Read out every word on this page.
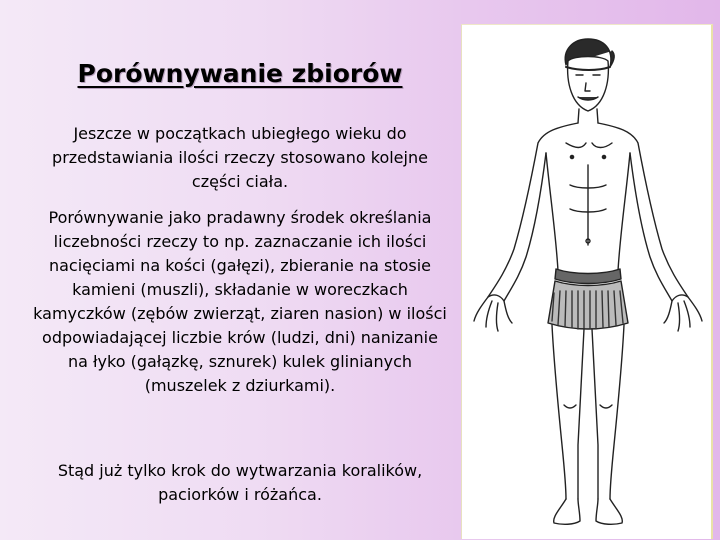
Porównywanie zbiorów

Jeszcze w początkach ubiegłego wieku do przedstawiania ilości rzeczy stosowano kolejne części ciała.

Porównywanie jako pradawny środek określania liczebności rzeczy to np. zaznaczanie ich ilości nacięciami na kości (gałęzi), zbieranie na stosie kamieni (muszli), składanie w woreczkach kamyczków (zębów zwierząt, ziaren nasion) w ilości odpowiadającej liczbie krów (ludzi, dni) nanizanie na łyko (gałązkę, sznurek) kulek glinianych (muszelek z dziurkami).

Stąd już tylko krok do wytwarzania koralików, paciorków i różańca.
